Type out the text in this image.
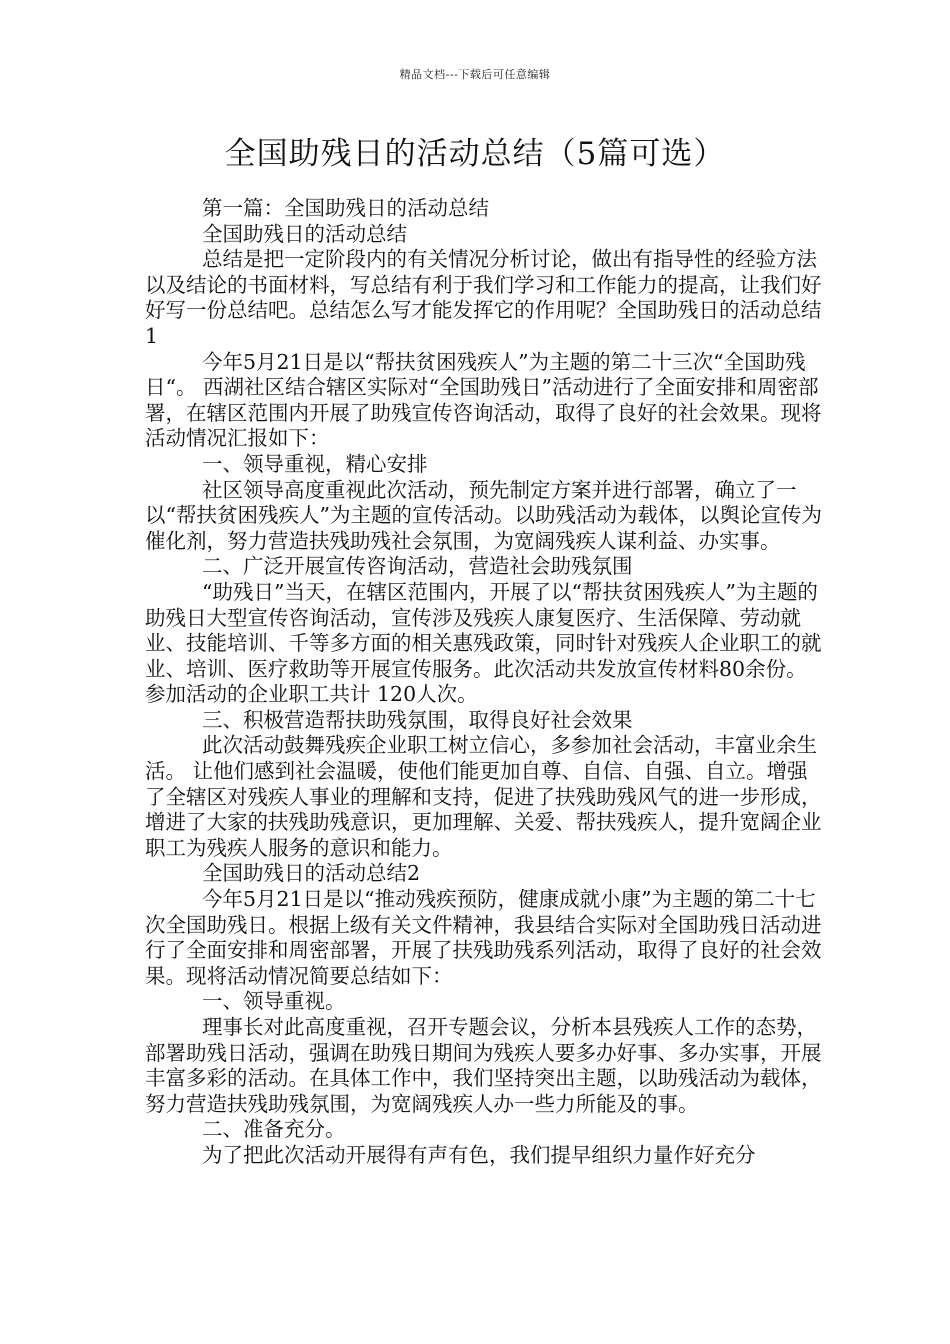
精品文档---下载后可任意编辑
全国助残日的活动总结（5篇可选）

第一篇：全国助残日的活动总结

全国助残日的活动总结

总结是把一定阶段内的有关情况分析讨论，做出有指导性的经验方法以及结论的书面材料，写总结有利于我们学习和工作能力的提高，让我们好好写一份总结吧。总结怎么写才能发挥它的作用呢？全国助残日的活动总结1

今年5月21日是以“帮扶贫困残疾人”为主题的第二十三次“全国助残日“。 西湖社区结合辖区实际对“全国助残日”活动进行了全面安排和周密部署，在辖区范围内开展了助残宣传咨询活动，取得了良好的社会效果。现将活动情况汇报如下：

一、领导重视，精心安排

社区领导高度重视此次活动，预先制定方案并进行部署，确立了一以“帮扶贫困残疾人”为主题的宣传活动。以助残活动为载体，以舆论宣传为催化剂，努力营造扶残助残社会氛围，为宽阔残疾人谋利益、办实事。

二、广泛开展宣传咨询活动，营造社会助残氛围

“助残日”当天，在辖区范围内，开展了以“帮扶贫困残疾人”为主题的助残日大型宣传咨询活动，宣传涉及残疾人康复医疗、生活保障、劳动就业、技能培训、千等多方面的相关惠残政策，同时针对残疾人企业职工的就业、培训、医疗救助等开展宣传服务。此次活动共发放宣传材料80余份。参加活动的企业职工共计 120人次。

三、积极营造帮扶助残氛围，取得良好社会效果

此次活动鼓舞残疾企业职工树立信心，多参加社会活动，丰富业余生活。 让他们感到社会温暖，使他们能更加自尊、自信、自强、自立。增强了全辖区对残疾人事业的理解和支持，促进了扶残助残风气的进一步形成，增进了大家的扶残助残意识，更加理解、关爱、帮扶残疾人，提升宽阔企业职工为残疾人服务的意识和能力。

全国助残日的活动总结2

今年5月21日是以“推动残疾预防，健康成就小康”为主题的第二十七次全国助残日。根据上级有关文件精神，我县结合实际对全国助残日活动进行了全面安排和周密部署，开展了扶残助残系列活动，取得了良好的社会效果。现将活动情况简要总结如下：

一、领导重视。

理事长对此高度重视，召开专题会议，分析本县残疾人工作的态势，部署助残日活动，强调在助残日期间为残疾人要多办好事、多办实事，开展丰富多彩的活动。在具体工作中，我们坚持突出主题，以助残活动为载体，努力营造扶残助残氛围，为宽阔残疾人办一些力所能及的事。

二、准备充分。

为了把此次活动开展得有声有色，我们提早组织力量作好充分
